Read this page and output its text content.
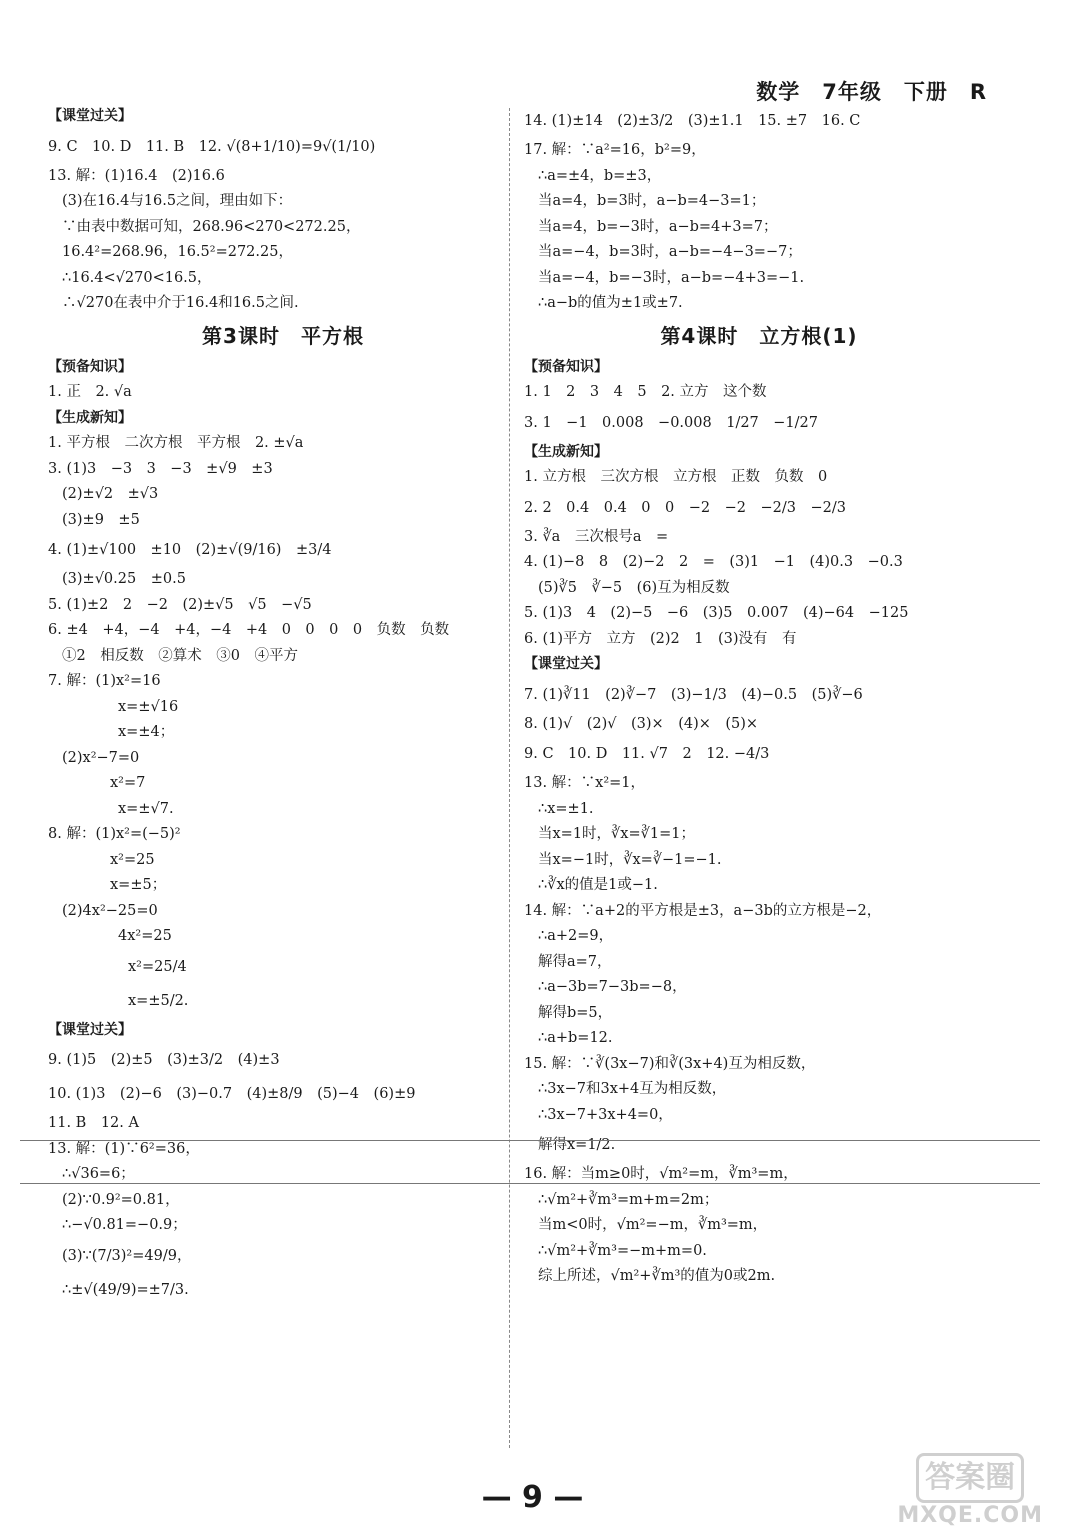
数学　7年级　下册　R
【课堂过关】
9. C　10. D　11. B　12. √(8+1/10)=9√(1/10)
13. 解：(1)16.4　(2)16.6
(3)在16.4与16.5之间，理由如下：
∵由表中数据可知，268.96<270<272.25，
16.4²=268.96，16.5²=272.25，
∴16.4<√270<16.5，
∴√270在表中介于16.4和16.5之间.
第3课时　平方根
【预备知识】
1. 正　2. √a
【生成新知】
1. 平方根　二次方根　平方根　2. ±√a
3. (1)3　−3　3　−3　±√9　±3
(2)±√2　±√3
(3)±9　±5
4. (1)±√100　±10　(2)±√(9/16)　±3/4
(3)±√0.25　±0.5
5. (1)±2　2　−2　(2)±√5　√5　−√5
6. ±4　+4，−4　+4，−4　+4　0　0　0　0　负数　负数
①2　相反数　②算术　③0　④平方
7. 解：(1)x²=16
x=±√16
x=±4；
(2)x²−7=0
x²=7
x=±√7.
8. 解：(1)x²=(−5)²
x²=25
x=±5；
(2)4x²−25=0
4x²=25
x²=25/4
x=±5/2.
【课堂过关】
9. (1)5　(2)±5　(3)±3/2　(4)±3
10. (1)3　(2)−6　(3)−0.7　(4)±8/9　(5)−4　(6)±9
11. B　12. A
13. 解：(1)∵6²=36，
∴√36=6；
(2)∵0.9²=0.81，
∴−√0.81=−0.9；
(3)∵(7/3)²=49/9，
∴±√(49/9)=±7/3.
14. (1)±14　(2)±3/2　(3)±1.1　15. ±7　16. C
17. 解：∵a²=16，b²=9，
∴a=±4，b=±3，
当a=4，b=3时，a−b=4−3=1；
当a=4，b=−3时，a−b=4+3=7；
当a=−4，b=3时，a−b=−4−3=−7；
当a=−4，b=−3时，a−b=−4+3=−1.
∴a−b的值为±1或±7.
第4课时　立方根(1)
【预备知识】
1. 1　2　3　4　5　2. 立方　这个数
3. 1　−1　0.008　−0.008　1/27　−1/27
【生成新知】
1. 立方根　三次方根　立方根　正数　负数　0
2. 2　0.4　0.4　0　0　−2　−2　−2/3　−2/3
3. ∛a　三次根号a　=
4. (1)−8　8　(2)−2　2　=　(3)1　−1　(4)0.3　−0.3
(5)∛5　∛−5　(6)互为相反数
5. (1)3　4　(2)−5　−6　(3)5　0.007　(4)−64　−125
6. (1)平方　立方　(2)2　1　(3)没有　有
【课堂过关】
7. (1)∛11　(2)∛−7　(3)−1/3　(4)−0.5　(5)∛−6
8. (1)√　(2)√　(3)×　(4)×　(5)×
9. C　10. D　11. √7　2　12. −4/3
13. 解：∵x²=1，
∴x=±1.
当x=1时，∛x=∛1=1；
当x=−1时，∛x=∛−1=−1.
∴∛x的值是1或−1.
14. 解：∵a+2的平方根是±3，a−3b的立方根是−2，
∴a+2=9，
解得a=7，
∴a−3b=7−3b=−8，
解得b=5，
∴a+b=12.
15. 解：∵∛(3x−7)和∛(3x+4)互为相反数，
∴3x−7和3x+4互为相反数，
∴3x−7+3x+4=0，
解得x=1/2.
16. 解：当m≥0时，√m²=m，∛m³=m，
∴√m²+∛m³=m+m=2m；
当m<0时，√m²=−m，∛m³=m，
∴√m²+∛m³=−m+m=0.
综上所述，√m²+∛m³的值为0或2m.
— 9 —
答案圈
MXQE.COM
